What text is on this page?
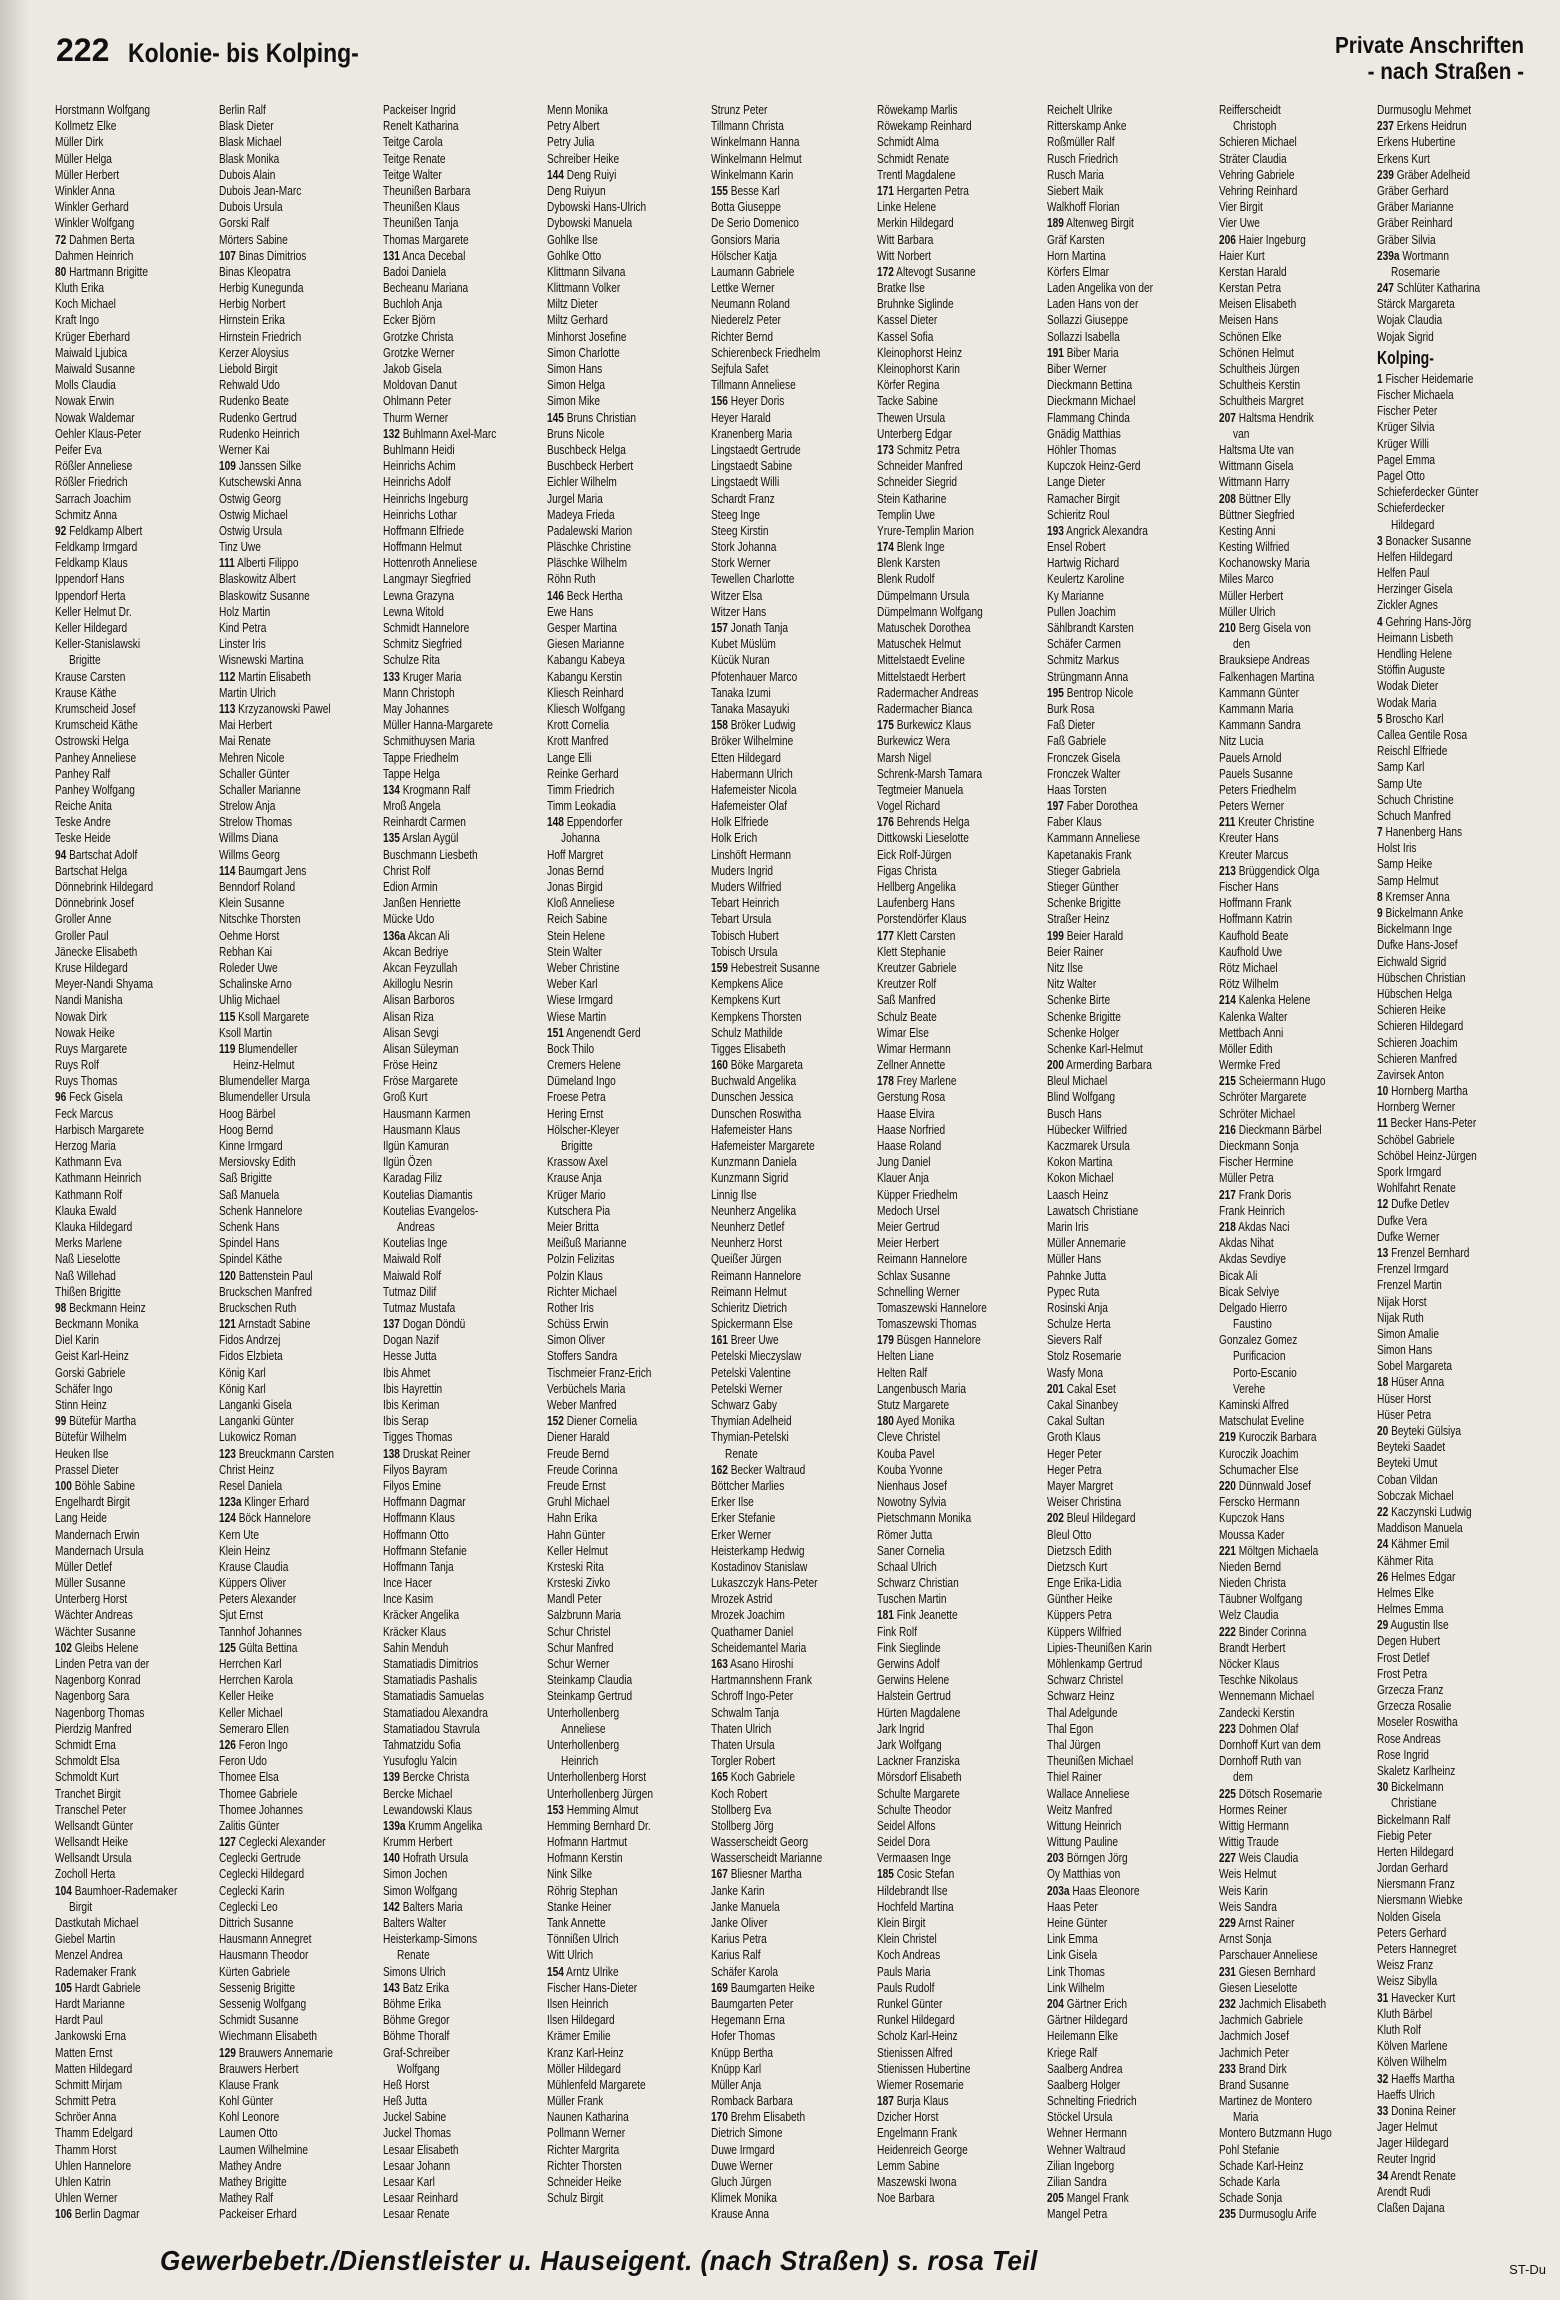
222 Kolonie- bis Kolping-	Private Anschriften
- nach Straßen -
Horstmann Wolfgang
Kollmetz Elke
Müller Dirk
Müller Helga
Müller Herbert
Winkler Anna
Winkler Gerhard
Winkler Wolfgang
72 Dahmen Berta
Dahmen Heinrich
80 Hartmann Brigitte
Kluth Erika
Koch Michael
Kraft Ingo
Krüger Eberhard
Maiwald Ljubica
Maiwald Susanne
Molls Claudia
Nowak Erwin
Nowak Waldemar
Oehler Klaus-Peter
Peifer Eva
Rößler Anneliese
Rößler Friedrich
Sarrach Joachim
Schmitz Anna
92 Feldkamp Albert
Feldkamp Irmgard
Feldkamp Klaus
Ippendorf Hans
Ippendorf Herta
Keller Helmut Dr.
Keller Hildegard
Keller-Stanislawski
Brigitte
Krause Carsten
Krause Käthe
Krumscheid Josef
Krumscheid Käthe
Ostrowski Helga
Panhey Anneliese
Panhey Ralf
Panhey Wolfgang
Reiche Anita
Teske Andre
Teske Heide
94 Bartschat Adolf
Bartschat Helga
Dönnebrink Hildegard
Dönnebrink Josef
Groller Anne
Groller Paul
Jänecke Elisabeth
Kruse Hildegard
Meyer-Nandi Shyama
Nandi Manisha
Nowak Dirk
Nowak Heike
Ruys Margarete
Ruys Rolf
Ruys Thomas
96 Feck Gisela
Feck Marcus
Harbisch Margarete
Herzog Maria
Kathmann Eva
Kathmann Heinrich
Kathmann Rolf
Klauka Ewald
Klauka Hildegard
Merks Marlene
Naß Lieselotte
Naß Willehad
Thißen Brigitte
98 Beckmann Heinz
Beckmann Monika
Diel Karin
Geist Karl-Heinz
Gorski Gabriele
Schäfer Ingo
Stinn Heinz
99 Bütefür Martha
Bütefür Wilhelm
Heuken Ilse
Prassel Dieter
100 Böhle Sabine
Engelhardt Birgit
Lang Heide
Mandernach Erwin
Mandernach Ursula
Müller Detlef
Müller Susanne
Unterberg Horst
Wächter Andreas
Wächter Susanne
102 Gleibs Helene
Linden Petra van der
Nagenborg Konrad
Nagenborg Sara
Nagenborg Thomas
Pierdzig Manfred
Schmidt Erna
Schmoldt Elsa
Schmoldt Kurt
Tranchet Birgit
Transchel Peter
Wellsandt Günter
Wellsandt Heike
Wellsandt Ursula
Zocholl Herta
104 Baumhoer-Rademaker
Birgit
Dastkutah Michael
Giebel Martin
Menzel Andrea
Rademaker Frank
105 Hardt Gabriele
Hardt Marianne
Hardt Paul
Jankowski Erna
Matten Ernst
Matten Hildegard
Schmitt Mirjam
Schmitt Petra
Schröer Anna
Thamm Edelgard
Thamm Horst
Uhlen Hannelore
Uhlen Katrin
Uhlen Werner
106 Berlin Dagmar
Berlin Ralf
Blask Dieter
Blask Michael
Blask Monika
Dubois Alain
Dubois Jean-Marc
Dubois Ursula
Gorski Ralf
Mörters Sabine
107 Binas Dimitrios
Binas Kleopatra
Herbig Kunegunda
Herbig Norbert
Hirnstein Erika
Hirnstein Friedrich
Kerzer Aloysius
Liebold Birgit
Rehwald Udo
Rudenko Beate
Rudenko Gertrud
Rudenko Heinrich
Werner Kai
109 Janssen Silke
Kutschewski Anna
Ostwig Georg
Ostwig Michael
Ostwig Ursula
Tinz Uwe
111 Alberti Filippo
Blaskowitz Albert
Blaskowitz Susanne
Holz Martin
Kind Petra
Linster Iris
Wisnewski Martina
112 Martin Elisabeth
Martin Ulrich
113 Krzyzanowski Pawel
Mai Herbert
Mai Renate
Mehren Nicole
Schaller Günter
Schaller Marianne
Strelow Anja
Strelow Thomas
Willms Diana
Willms Georg
114 Baumgart Jens
Benndorf Roland
Klein Susanne
Nitschke Thorsten
Oehme Horst
Rebhan Kai
Roleder Uwe
Schalinske Arno
Uhlig Michael
115 Ksoll Margarete
Ksoll Martin
119 Blumendeller
Heinz-Helmut
Blumendeller Marga
Blumendeller Ursula
Hoog Bärbel
Hoog Bernd
Kinne Irmgard
Mersiovsky Edith
Saß Brigitte
Saß Manuela
Schenk Hannelore
Schenk Hans
Spindel Hans
Spindel Käthe
120 Battenstein Paul
Bruckschen Manfred
Bruckschen Ruth
121 Arnstadt Sabine
Fidos Andrzej
Fidos Elzbieta
König Karl
König Karl
Langanki Gisela
Langanki Günter
Lukowicz Roman
123 Breuckmann Carsten
Christ Heinz
Resel Daniela
123a Klinger Erhard
124 Böck Hannelore
Kern Ute
Klein Heinz
Krause Claudia
Küppers Oliver
Peters Alexander
Sjut Ernst
Tannhof Johannes
125 Gülta Bettina
Herrchen Karl
Herrchen Karola
Keller Heike
Keller Michael
Semeraro Ellen
126 Feron Ingo
Feron Udo
Thomee Elsa
Thomee Gabriele
Thomee Johannes
Zalitis Günter
127 Ceglecki Alexander
Ceglecki Gertrude
Ceglecki Hildegard
Ceglecki Karin
Ceglecki Leo
Dittrich Susanne
Hausmann Annegret
Hausmann Theodor
Kürten Gabriele
Sessenig Brigitte
Sessenig Wolfgang
Schmidt Susanne
Wiechmann Elisabeth
129 Brauwers Annemarie
Brauwers Herbert
Klause Frank
Kohl Günter
Kohl Leonore
Laumen Otto
Laumen Wilhelmine
Mathey Andre
Mathey Brigitte
Mathey Ralf
Packeiser Erhard
Packeiser Ingrid
Renelt Katharina
Teitge Carola
Teitge Renate
Teitge Walter
Theunißen Barbara
Theunißen Klaus
Theunißen Tanja
Thomas Margarete
131 Anca Decebal
Badoi Daniela
Becheanu Mariana
Buchloh Anja
Ecker Björn
Grotzke Christa
Grotzke Werner
Jakob Gisela
Moldovan Danut
Ohlmann Peter
Thurm Werner
132 Buhlmann Axel-Marc
Buhlmann Heidi
Heinrichs Achim
Heinrichs Adolf
Heinrichs Ingeburg
Heinrichs Lothar
Hoffmann Elfriede
Hoffmann Helmut
Hottenroth Anneliese
Langmayr Siegfried
Lewna Grazyna
Lewna Witold
Schmidt Hannelore
Schmitz Siegfried
Schulze Rita
133 Kruger Maria
Mann Christoph
May Johannes
Müller Hanna-Margarete
Schmithuysen Maria
Tappe Friedhelm
Tappe Helga
134 Krogmann Ralf
Mroß Angela
Reinhardt Carmen
135 Arslan Aygül
Buschmann Liesbeth
Christ Rolf
Edion Armin
Janßen Henriette
Mücke Udo
136a Akcan Ali
Akcan Bedriye
Akcan Feyzullah
Akilloglu Nesrin
Alisan Barboros
Alisan Riza
Alisan Sevgi
Alisan Süleyman
Fröse Heinz
Fröse Margarete
Groß Kurt
Hausmann Karmen
Hausmann Klaus
Ilgün Kamuran
Ilgün Özen
Karadag Filiz
Koutelias Diamantis
Koutelias Evangelos-
Andreas
Koutelias Inge
Maiwald Rolf
Maiwald Rolf
Tutmaz Dilif
Tutmaz Mustafa
137 Dogan Döndü
Dogan Nazif
Hesse Jutta
Ibis Ahmet
Ibis Hayrettin
Ibis Keriman
Ibis Serap
Tigges Thomas
138 Druskat Reiner
Filyos Bayram
Filyos Emine
Hoffmann Dagmar
Hoffmann Klaus
Hoffmann Otto
Hoffmann Stefanie
Hoffmann Tanja
Ince Hacer
Ince Kasim
Kräcker Angelika
Kräcker Klaus
Sahin Menduh
Stamatiadis Dimitrios
Stamatiadis Pashalis
Stamatiadis Samuelas
Stamatiadou Alexandra
Stamatiadou Stavrula
Tahmatzidu Sofia
Yusufoglu Yalcin
139 Bercke Christa
Bercke Michael
Lewandowski Klaus
139a Krumm Angelika
Krumm Herbert
140 Hofrath Ursula
Simon Jochen
Simon Wolfgang
142 Balters Maria
Balters Walter
Heisterkamp-Simons
Renate
Simons Ulrich
143 Batz Erika
Böhme Erika
Böhme Gregor
Böhme Thoralf
Graf-Schreiber
Wolfgang
Heß Horst
Heß Jutta
Juckel Sabine
Juckel Thomas
Lesaar Elisabeth
Lesaar Johann
Lesaar Karl
Lesaar Reinhard
Lesaar Renate
Menn Monika
Petry Albert
Petry Julia
Schreiber Heike
144 Deng Ruiyi
Deng Ruiyun
Dybowski Hans-Ulrich
Dybowski Manuela
Gohlke Ilse
Gohlke Otto
Klittmann Silvana
Klittmann Volker
Miltz Dieter
Miltz Gerhard
Minhorst Josefine
Simon Charlotte
Simon Hans
Simon Helga
Simon Mike
145 Bruns Christian
Bruns Nicole
Buschbeck Helga
Buschbeck Herbert
Eichler Wilhelm
Jurgel Maria
Madeya Frieda
Padalewski Marion
Pläschke Christine
Pläschke Wilhelm
Röhn Ruth
146 Beck Hertha
Ewe Hans
Gesper Martina
Giesen Marianne
Kabangu Kabeya
Kabangu Kerstin
Kliesch Reinhard
Kliesch Wolfgang
Krott Cornelia
Krott Manfred
Lange Elli
Reinke Gerhard
Timm Friedrich
Timm Leokadia
148 Eppendorfer
Johanna
Hoff Margret
Jonas Bernd
Jonas Birgid
Kloß Anneliese
Reich Sabine
Stein Helene
Stein Walter
Weber Christine
Weber Karl
Wiese Irmgard
Wiese Martin
151 Angenendt Gerd
Bock Thilo
Cremers Helene
Dümeland Ingo
Froese Petra
Hering Ernst
Hölscher-Kleyer
Brigitte
Krassow Axel
Krause Anja
Krüger Mario
Kutschera Pia
Meier Britta
Meißuß Marianne
Polzin Felizitas
Polzin Klaus
Richter Michael
Rother Iris
Schüss Erwin
Simon Oliver
Stoffers Sandra
Tischmeier Franz-Erich
Verbüchels Maria
Weber Manfred
152 Diener Cornelia
Diener Harald
Freude Bernd
Freude Corinna
Freude Ernst
Gruhl Michael
Hahn Erika
Hahn Günter
Keller Helmut
Krsteski Rita
Krsteski Zivko
Mandl Peter
Salzbrunn Maria
Schur Christel
Schur Manfred
Schur Werner
Steinkamp Claudia
Steinkamp Gertrud
Unterhollenberg
Anneliese
Unterhollenberg
Heinrich
Unterhollenberg Horst
Unterhollenberg Jürgen
153 Hemming Almut
Hemming Bernhard Dr.
Hofmann Hartmut
Hofmann Kerstin
Nink Silke
Röhrig Stephan
Stanke Heiner
Tank Annette
Tönnißen Ulrich
Witt Ulrich
154 Arntz Ulrike
Fischer Hans-Dieter
Ilsen Heinrich
Ilsen Hildegard
Krämer Emilie
Kranz Karl-Heinz
Möller Hildegard
Mühlenfeld Margarete
Müller Frank
Naunen Katharina
Pollmann Werner
Richter Margrita
Richter Thorsten
Schneider Heike
Schulz Birgit
Strunz Peter
Tillmann Christa
Winkelmann Hanna
Winkelmann Helmut
Winkelmann Karin
155 Besse Karl
Botta Giuseppe
De Serio Domenico
Gonsiors Maria
Hölscher Katja
Laumann Gabriele
Lettke Werner
Neumann Roland
Niederelz Peter
Richter Bernd
Schierenbeck Friedhelm
Sejfula Safet
Tillmann Anneliese
156 Heyer Doris
Heyer Harald
Kranenberg Maria
Lingstaedt Gertrude
Lingstaedt Sabine
Lingstaedt Willi
Schardt Franz
Steeg Inge
Steeg Kirstin
Stork Johanna
Stork Werner
Tewellen Charlotte
Witzer Elsa
Witzer Hans
157 Jonath Tanja
Kubet Müslüm
Kücük Nuran
Pfotenhauer Marco
Tanaka Izumi
Tanaka Masayuki
158 Bröker Ludwig
Bröker Wilhelmine
Etten Hildegard
Habermann Ulrich
Hafemeister Nicola
Hafemeister Olaf
Holk Elfriede
Holk Erich
Linshöft Hermann
Muders Ingrid
Muders Wilfried
Tebart Heinrich
Tebart Ursula
Tobisch Hubert
Tobisch Ursula
159 Hebestreit Susanne
Kempkens Alice
Kempkens Kurt
Kempkens Thorsten
Schulz Mathilde
Tigges Elisabeth
160 Böke Margareta
Buchwald Angelika
Dunschen Jessica
Dunschen Roswitha
Hafemeister Hans
Hafemeister Margarete
Kunzmann Daniela
Kunzmann Sigrid
Linnig Ilse
Neunherz Angelika
Neunherz Detlef
Neunherz Horst
Queißer Jürgen
Reimann Hannelore
Reimann Helmut
Schieritz Dietrich
Spickermann Else
161 Breer Uwe
Petelski Mieczyslaw
Petelski Valentine
Petelski Werner
Schwarz Gaby
Thymian Adelheid
Thymian-Petelski
Renate
162 Becker Waltraud
Böttcher Marlies
Erker Ilse
Erker Stefanie
Erker Werner
Heisterkamp Hedwig
Kostadinov Stanislaw
Lukaszczyk Hans-Peter
Mrozek Astrid
Mrozek Joachim
Quathamer Daniel
Scheidemantel Maria
163 Asano Hiroshi
Hartmannshenn Frank
Schroff Ingo-Peter
Schwalm Tanja
Thaten Ulrich
Thaten Ursula
Torgler Robert
165 Koch Gabriele
Koch Robert
Stollberg Eva
Stollberg Jörg
Wasserscheidt Georg
Wasserscheidt Marianne
167 Bliesner Martha
Janke Karin
Janke Manuela
Janke Oliver
Karius Petra
Karius Ralf
Schäfer Karola
169 Baumgarten Heike
Baumgarten Peter
Hegemann Erna
Hofer Thomas
Knüpp Bertha
Knüpp Karl
Müller Anja
Romback Barbara
170 Brehm Elisabeth
Dietrich Simone
Duwe Irmgard
Duwe Werner
Gluch Jürgen
Klimek Monika
Krause Anna
Röwekamp Marlis
Röwekamp Reinhard
Schmidt Alma
Schmidt Renate
Trentl Magdalene
171 Hergarten Petra
Linke Helene
Merkin Hildegard
Witt Barbara
Witt Norbert
172 Altevogt Susanne
Bratke Ilse
Bruhnke Siglinde
Kassel Dieter
Kassel Sofia
Kleinophorst Heinz
Kleinophorst Karin
Körfer Regina
Tacke Sabine
Thewen Ursula
Unterberg Edgar
173 Schmitz Petra
Schneider Manfred
Schneider Siegrid
Stein Katharine
Templin Uwe
Yrure-Templin Marion
174 Blenk Inge
Blenk Karsten
Blenk Rudolf
Dümpelmann Ursula
Dümpelmann Wolfgang
Matuschek Dorothea
Matuschek Helmut
Mittelstaedt Eveline
Mittelstaedt Herbert
Radermacher Andreas
Radermacher Bianca
175 Burkewicz Klaus
Burkewicz Wera
Marsh Nigel
Schrenk-Marsh Tamara
Tegtmeier Manuela
Vogel Richard
176 Behrends Helga
Dittkowski Lieselotte
Eick Rolf-Jürgen
Figas Christa
Hellberg Angelika
Laufenberg Hans
Porstendörfer Klaus
177 Klett Carsten
Klett Stephanie
Kreutzer Gabriele
Kreutzer Rolf
Saß Manfred
Schulz Beate
Wimar Else
Wimar Hermann
Zellner Annette
178 Frey Marlene
Gerstung Rosa
Haase Elvira
Haase Norfried
Haase Roland
Jung Daniel
Klauer Anja
Küpper Friedhelm
Medoch Ursel
Meier Gertrud
Meier Herbert
Reimann Hannelore
Schlax Susanne
Schnelling Werner
Tomaszewski Hannelore
Tomaszewski Thomas
179 Büsgen Hannelore
Helten Liane
Helten Ralf
Langenbusch Maria
Stutz Margarete
180 Ayed Monika
Cleve Christel
Kouba Pavel
Kouba Yvonne
Nienhaus Josef
Nowotny Sylvia
Pietschmann Monika
Römer Jutta
Saner Cornelia
Schaal Ulrich
Schwarz Christian
Tuschen Martin
181 Fink Jeanette
Fink Rolf
Fink Sieglinde
Gerwins Adolf
Gerwins Helene
Halstein Gertrud
Hürten Magdalene
Jark Ingrid
Jark Wolfgang
Lackner Franziska
Mörsdorf Elisabeth
Schulte Margarete
Schulte Theodor
Seidel Alfons
Seidel Dora
Vermaasen Inge
185 Cosic Stefan
Hildebrandt Ilse
Hochfeld Martina
Klein Birgit
Klein Christel
Koch Andreas
Pauls Maria
Pauls Rudolf
Runkel Günter
Runkel Hildegard
Scholz Karl-Heinz
Stienissen Alfred
Stienissen Hubertine
Wiemer Rosemarie
187 Burja Klaus
Dzicher Horst
Engelmann Frank
Heidenreich George
Lemm Sabine
Maszewski Iwona
Noe Barbara
Reichelt Ulrike
Ritterskamp Anke
Roßmüller Ralf
Rusch Friedrich
Rusch Maria
Siebert Maik
Walkhoff Florian
189 Altenweg Birgit
Gräf Karsten
Horn Martina
Körfers Elmar
Laden Angelika von der
Laden Hans von der
Sollazzi Giuseppe
Sollazzi Isabella
191 Biber Maria
Biber Werner
Dieckmann Bettina
Dieckmann Michael
Flammang Chinda
Gnädig Matthias
Höhler Thomas
Kupczok Heinz-Gerd
Lange Dieter
Ramacher Birgit
Schieritz Roul
193 Angrick Alexandra
Ensel Robert
Hartwig Richard
Keulertz Karoline
Ky Marianne
Pullen Joachim
Sählbrandt Karsten
Schäfer Carmen
Schmitz Markus
Strüngmann Anna
195 Bentrop Nicole
Burk Rosa
Faß Dieter
Faß Gabriele
Fronczek Gisela
Fronczek Walter
Haas Torsten
197 Faber Dorothea
Faber Klaus
Kammann Anneliese
Kapetanakis Frank
Stieger Gabriela
Stieger Günther
Schenke Brigitte
Straßer Heinz
199 Beier Harald
Beier Rainer
Nitz Ilse
Nitz Walter
Schenke Birte
Schenke Brigitte
Schenke Holger
Schenke Karl-Helmut
200 Armerding Barbara
Bleul Michael
Blind Wolfgang
Busch Hans
Hübecker Wilfried
Kaczmarek Ursula
Kokon Martina
Kokon Michael
Laasch Heinz
Lawatsch Christiane
Marin Iris
Müller Annemarie
Müller Hans
Pahnke Jutta
Pypec Ruta
Rosinski Anja
Schulze Herta
Sievers Ralf
Stolz Rosemarie
Wasfy Mona
201 Cakal Eset
Cakal Sinanbey
Cakal Sultan
Groth Klaus
Heger Peter
Heger Petra
Mayer Margret
Weiser Christina
202 Bleul Hildegard
Bleul Otto
Dietzsch Edith
Dietzsch Kurt
Enge Erika-Lidia
Günther Heike
Küppers Petra
Küppers Wilfried
Lipies-Theunißen Karin
Möhlenkamp Gertrud
Schwarz Christel
Schwarz Heinz
Thal Adelgunde
Thal Egon
Thal Jürgen
Theunißen Michael
Thiel Rainer
Wallace Anneliese
Weitz Manfred
Wittung Heinrich
Wittung Pauline
203 Börngen Jörg
Oy Matthias von
203a Haas Eleonore
Haas Peter
Heine Günter
Link Emma
Link Gisela
Link Thomas
Link Wilhelm
204 Gärtner Erich
Gärtner Hildegard
Heilemann Elke
Kriege Ralf
Saalberg Andrea
Saalberg Holger
Schnelting Friedrich
Stöckel Ursula
Wehner Hermann
Wehner Waltraud
Zilian Ingeborg
Zilian Sandra
205 Mangel Frank
Mangel Petra
Reifferscheidt
Christoph
Schieren Michael
Sträter Claudia
Vehring Gabriele
Vehring Reinhard
Vier Birgit
Vier Uwe
206 Haier Ingeburg
Haier Kurt
Kerstan Harald
Kerstan Petra
Meisen Elisabeth
Meisen Hans
Schönen Elke
Schönen Helmut
Schultheis Jürgen
Schultheis Kerstin
Schultheis Margret
207 Haltsma Hendrik
van
Haltsma Ute van
Wittmann Gisela
Wittmann Harry
208 Büttner Elly
Büttner Siegfried
Kesting Anni
Kesting Wilfried
Kochanowsky Maria
Miles Marco
Müller Herbert
Müller Ulrich
210 Berg Gisela von
den
Brauksiepe Andreas
Falkenhagen Martina
Kammann Günter
Kammann Maria
Kammann Sandra
Nitz Lucia
Pauels Arnold
Pauels Susanne
Peters Friedhelm
Peters Werner
211 Kreuter Christine
Kreuter Hans
Kreuter Marcus
213 Brüggendick Olga
Fischer Hans
Hoffmann Frank
Hoffmann Katrin
Kaufhold Beate
Kaufhold Uwe
Rötz Michael
Rötz Wilhelm
214 Kalenka Helene
Kalenka Walter
Mettbach Anni
Möller Edith
Wermke Fred
215 Scheiermann Hugo
Schröter Margarete
Schröter Michael
216 Dieckmann Bärbel
Dieckmann Sonja
Fischer Hermine
Müller Petra
217 Frank Doris
Frank Heinrich
218 Akdas Naci
Akdas Nihat
Akdas Sevdiye
Bicak Ali
Bicak Selviye
Delgado Hierro
Faustino
Gonzalez Gomez
Purificacion
Porto-Escanio
Verehe
Kaminski Alfred
Matschulat Eveline
219 Kuroczik Barbara
Kuroczik Joachim
Schumacher Else
220 Dünnwald Josef
Ferscko Hermann
Kupczok Hans
Moussa Kader
221 Möltgen Michaela
Nieden Bernd
Nieden Christa
Täubner Wolfgang
Welz Claudia
222 Binder Corinna
Brandt Herbert
Nöcker Klaus
Teschke Nikolaus
Wennemann Michael
Zandecki Kerstin
223 Dohmen Olaf
Dornhoff Kurt van dem
Dornhoff Ruth van
dem
225 Dötsch Rosemarie
Hormes Reiner
Wittig Hermann
Wittig Traude
227 Weis Claudia
Weis Helmut
Weis Karin
Weis Sandra
229 Arnst Rainer
Arnst Sonja
Parschauer Anneliese
231 Giesen Bernhard
Giesen Lieselotte
232 Jachmich Elisabeth
Jachmich Gabriele
Jachmich Josef
Jachmich Peter
233 Brand Dirk
Brand Susanne
Martinez de Montero
Maria
Montero Butzmann Hugo
Pohl Stefanie
Schade Karl-Heinz
Schade Karla
Schade Sonja
235 Durmusoglu Arife
Durmusoglu Mehmet
237 Erkens Heidrun
Erkens Hubertine
Erkens Kurt
239 Gräber Adelheid
Gräber Gerhard
Gräber Marianne
Gräber Reinhard
Gräber Silvia
239a Wortmann
Rosemarie
247 Schlüter Katharina
Stärck Margareta
Wojak Claudia
Wojak Sigrid
Kolping-
1 Fischer Heidemarie
Fischer Michaela
Fischer Peter
Krüger Silvia
Krüger Willi
Pagel Emma
Pagel Otto
Schieferdecker Günter
Schieferdecker
Hildegard
3 Bonacker Susanne
Helfen Hildegard
Helfen Paul
Herzinger Gisela
Zickler Agnes
4 Gehring Hans-Jörg
Heimann Lisbeth
Hendling Helene
Stöffin Auguste
Wodak Dieter
Wodak Maria
5 Broscho Karl
Callea Gentile Rosa
Reischl Elfriede
Samp Karl
Samp Ute
Schuch Christine
Schuch Manfred
7 Hanenberg Hans
Holst Iris
Samp Heike
Samp Helmut
8 Kremser Anna
9 Bickelmann Anke
Bickelmann Inge
Dufke Hans-Josef
Eichwald Sigrid
Hübschen Christian
Hübschen Helga
Schieren Heike
Schieren Hildegard
Schieren Joachim
Schieren Manfred
Zavirsek Anton
10 Hornberg Martha
Hornberg Werner
11 Becker Hans-Peter
Schöbel Gabriele
Schöbel Heinz-Jürgen
Spork Irmgard
Wohlfahrt Renate
12 Dufke Detlev
Dufke Vera
Dufke Werner
13 Frenzel Bernhard
Frenzel Irmgard
Frenzel Martin
Nijak Horst
Nijak Ruth
Simon Amalie
Simon Hans
Sobel Margareta
18 Hüser Anna
Hüser Horst
Hüser Petra
20 Beyteki Gülsiya
Beyteki Saadet
Beyteki Umut
Coban Vildan
Sobczak Michael
22 Kaczynski Ludwig
Maddison Manuela
24 Kähmer Emil
Kähmer Rita
26 Helmes Edgar
Helmes Elke
Helmes Emma
29 Augustin Ilse
Degen Hubert
Frost Detlef
Frost Petra
Grzecza Franz
Grzecza Rosalie
Moseler Roswitha
Rose Andreas
Rose Ingrid
Skaletz Karlheinz
30 Bickelmann
Christiane
Bickelmann Ralf
Fiebig Peter
Herten Hildegard
Jordan Gerhard
Niersmann Franz
Niersmann Wiebke
Nolden Gisela
Peters Gerhard
Peters Hannegret
Weisz Franz
Weisz Sibylla
31 Havecker Kurt
Kluth Bärbel
Kluth Rolf
Kölven Marlene
Kölven Wilhelm
32 Haeffs Martha
Haeffs Ulrich
33 Donina Reiner
Jager Helmut
Jager Hildegard
Reuter Ingrid
34 Arendt Renate
Arendt Rudi
Claßen Dajana
Gewerbebetr./Dienstleister u. Hauseigent. (nach Straßen) s. rosa Teil	ST-Du
